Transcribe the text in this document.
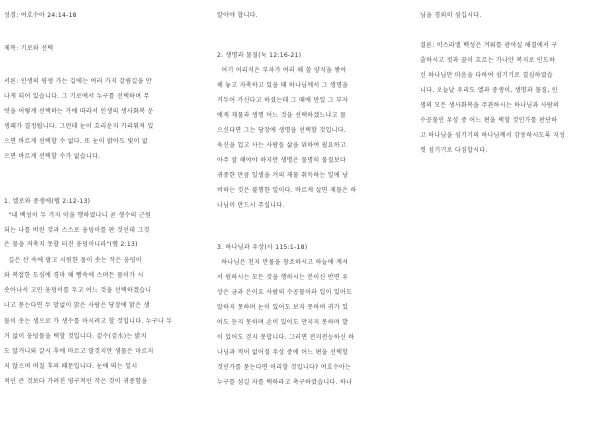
성경: 여호수아 24:14-18
제목: 기로와 선택
서론: 인생의 평생 가는 길에는 여러 가지 갈림길을 만
나게 되어 있습니다. 그 기로에서 누구를 선택하며 무
엇을 어떻게 선택하는 가에 따라서 인생의 생사화복 운
생패가 결정됩니다. 그런데 눈이 흐리운지 가리워져 있
으면 바르게 선택할 수 없다. 또 눈이 밝아도 빛이 없
으면 바르게 선택할 수가 없습니다.
1. 엘로와 중생에(텔 2:12-13)
"내 백성이 두 가지 악을 행하였나니 곧 생수의 근원
되는 나를 버린 것과 스스로 웅덩이를 판 것인데 그것
은 물을 저축지 못할 터진 웅덩이니라"(렘 2:13)
길은 산 속에 팔고 시원한 물이 솟는 작은 웅덩이
와 복잡한 도심에 경마 해 빵속에 스며든 물이가 시
솟아나서 고인 웅덩이를 두고 어느 것을 선택하겠습니
나고 묻는다면 두 말없이 맑은 사람은 당장에 맑은 샘
물이 솟는 샘으로 가 생수를 마시려고 할 것입니다. 누구나 두
거 없이 웅덩물을 택할 것입니다. 겉수(겉水)는 밝지
도 않거니와 갈시 후에 마르고 말것지만 샘물은 마르지
지 않으며 며칠 후의 때문입니다. 눈에 띄는 일시
적인 큰 것보다 가려진 영구적인 작은 것이 귀중함을
알아야 합니다.
2. 생명과 물질(눅 12:16-21)
어기 어리석은 부자가 여러 해 쓸 양식을 쌓아
해 놓고 자축하고 있을 때 하나님께서 그 생명을
거두어 가신다고 하셨는데 그 때에 만일 그 부자
에게 재물과 생명 어느 것을 선택하겠느냐고 물
으신다면 그는 당장에 생명을 선택할 것입니다.
육신을 입고 사는 사람들 삶을 위하여 필요하고
아주 잘 해야야 하지만 생명은 물명히 물질보다
귀중한 만큼 일생을 거의 재물 취득하는 일에 낭
비하는 것은 불행한 일이다. 바르게 살면 재물은 하
나님이 만드시 주십니다.
3. 하나님과 우상(사 115:1-18)
하나님은 천지 만물을 창조하시고 하늘에 계셔
서 원하시는 모든 것을 행하시는 분이신 반면 우
상은 금과 은이요 사람의 수공물이라 입이 있어도
말하지 못하며 눈이 있어도 보지 못하며 귀가 있
어도 듣지 못하며 손이 있어도 만지지 못하며 발
이 있어도 걷지 못합니다. 그러면 전지전능하신 하
나님과 적어 없어질 우상 중에 어느 편을 선택할
것인가를 묻는다면 어리할 것입니다? 여호수아는
누구를 섬길 자를 택하라고 촉구하였습니다. 하나
님을 경외히 섬깁시다.
결론: 이스라엘 백성은 겨뤄를 광야실 해결에서 구
출하시고 젓과 꿀이 흐르는 가나안 복지로 인도하
신 하나님만 마음을 다하여 섬기기로 결심하였습
니다. 오늘날 우리도 엘과 중생이, 생명과 물질, 인
생의 모든 생사화복을 주관하시는 하나님과 사람의
수공물인 우상 중 어느 편을 택할 것인가를 판단하
고 하나님을 섬기기의 하나님께서 감동하시도록 지성
껏 섬기기로 다짐합시다.
